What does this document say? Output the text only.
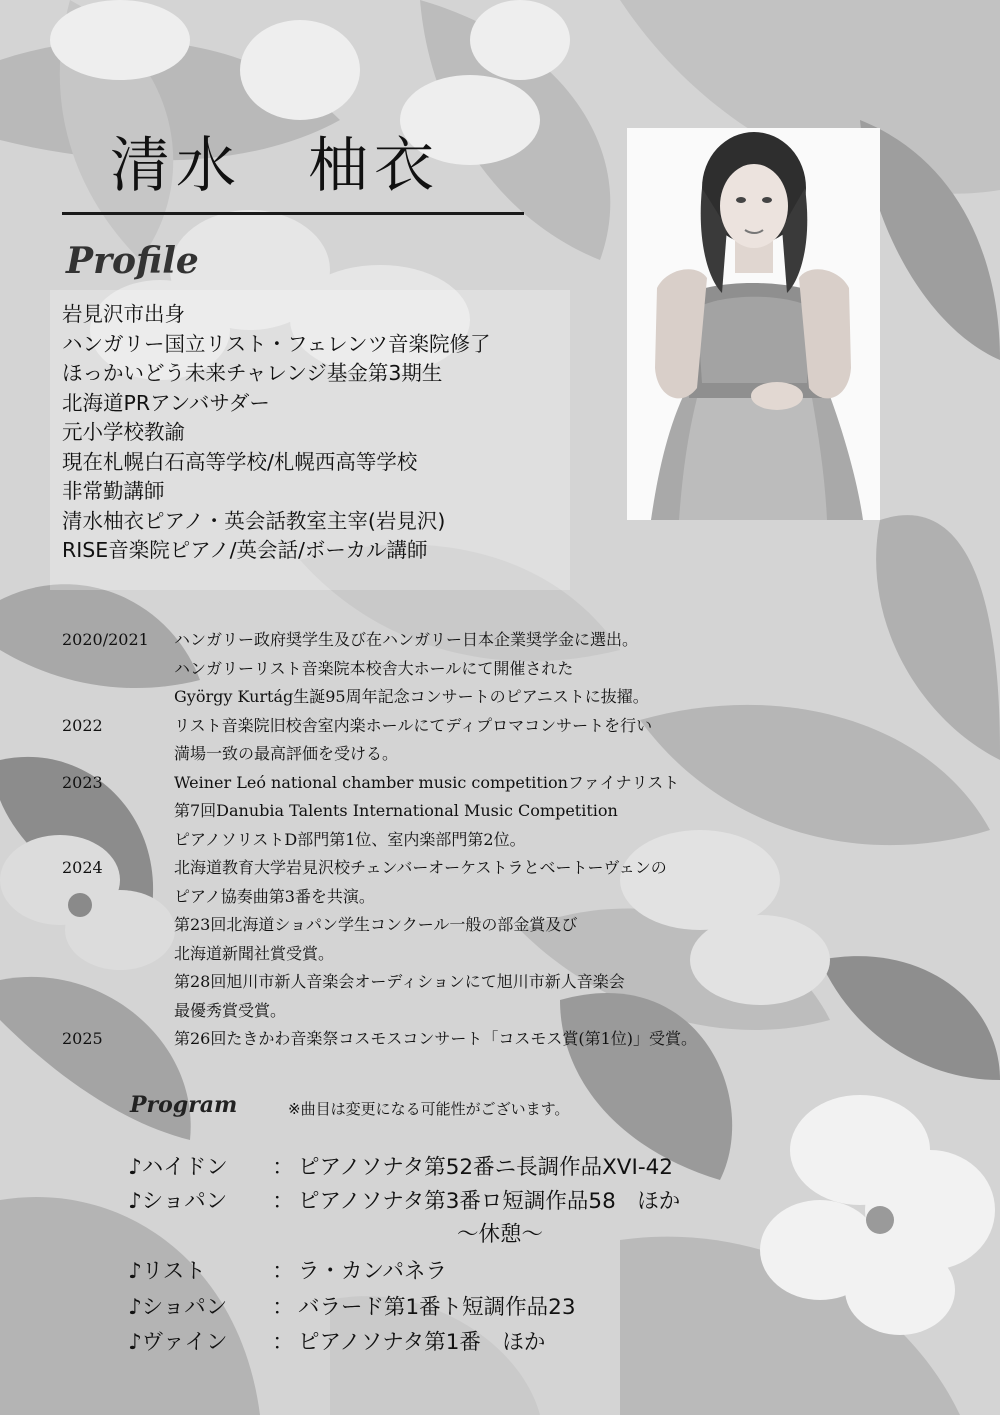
清水　柚衣
Profile
岩見沢市出身
ハンガリー国立リスト・フェレンツ音楽院修了
ほっかいどう未来チャレンジ基金第3期生
北海道PRアンバサダー
元小学校教諭
現在札幌白石高等学校/札幌西高等学校
非常勤講師
清水柚衣ピアノ・英会話教室主宰(岩見沢)
RISE音楽院ピアノ/英会話/ボーカル講師
2020/2021 ハンガリー政府奨学生及び在ハンガリー日本企業奨学金に選出。
ハンガリーリスト音楽院本校舎大ホールにて開催された
György Kurtág生誕95周年記念コンサートのピアニストに抜擢。
2022	リスト音楽院旧校舎室内楽ホールにてディプロマコンサートを行い
満場一致の最高評価を受ける。
2023	Weiner Leó national chamber music competitionファイナリスト
第7回Danubia Talents International Music Competition
ピアノソリストD部門第1位、室内楽部門第2位。
2024	北海道教育大学岩見沢校チェンバーオーケストラとベートーヴェンの
ピアノ協奏曲第3番を共演。
第23回北海道ショパン学生コンクール一般の部金賞及び
北海道新聞社賞受賞。
第28回旭川市新人音楽会オーディションにて旭川市新人音楽会
最優秀賞受賞。
2025	第26回たきかわ音楽祭コスモスコンサート「コスモス賞(第1位)」受賞。
Program	※曲目は変更になる可能性がございます。
♪ハイドン ： ピアノソナタ第52番ニ長調作品XVI-42
♪ショパン ： ピアノソナタ第3番ロ短調作品58　ほか
〜休憩〜
♪リスト	： ラ・カンパネラ
♪ショパン ： バラード第1番ト短調作品23
♪ヴァイン ： ピアノソナタ第1番　ほか
